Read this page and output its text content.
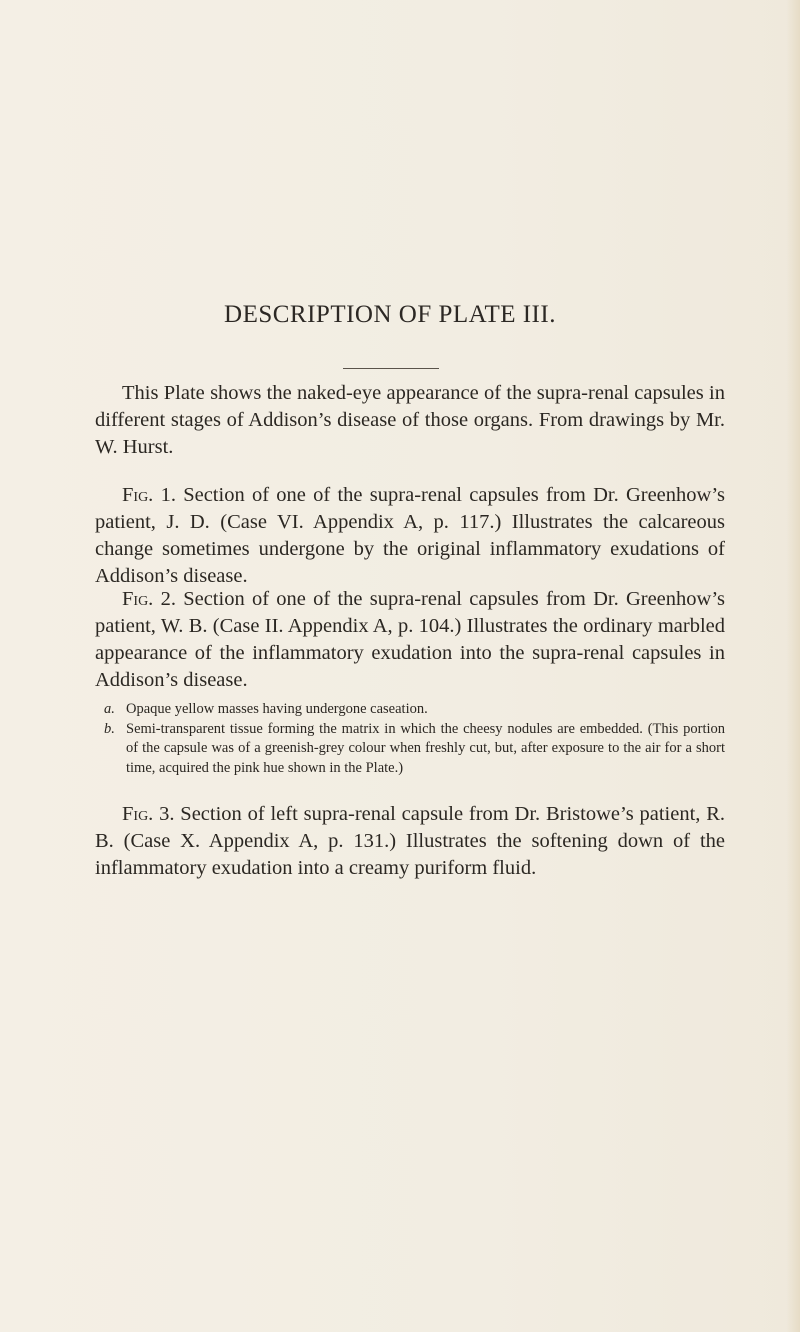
DESCRIPTION OF PLATE III.

This Plate shows the naked-eye appearance of the supra-renal capsules in different stages of Addison’s disease of those organs. From drawings by Mr. W. Hurst.

Fig. 1. Section of one of the supra-renal capsules from Dr. Greenhow’s patient, J. D. (Case VI. Appendix A, p. 117.) Illustrates the calcareous change sometimes undergone by the original inflammatory exudations of Addison’s disease.

Fig. 2. Section of one of the supra-renal capsules from Dr. Greenhow’s patient, W. B. (Case II. Appendix A, p. 104.) Illustrates the ordinary marbled appearance of the inflammatory exudation into the supra-renal capsules in Addison’s disease.

a. Opaque yellow masses having undergone caseation.
b. Semi-transparent tissue forming the matrix in which the cheesy nodules are embedded. (This portion of the capsule was of a greenish-grey colour when freshly cut, but, after exposure to the air for a short time, acquired the pink hue shown in the Plate.)

Fig. 3. Section of left supra-renal capsule from Dr. Bristowe’s patient, R. B. (Case X. Appendix A, p. 131.) Illustrates the softening down of the inflammatory exudation into a creamy puriform fluid.
